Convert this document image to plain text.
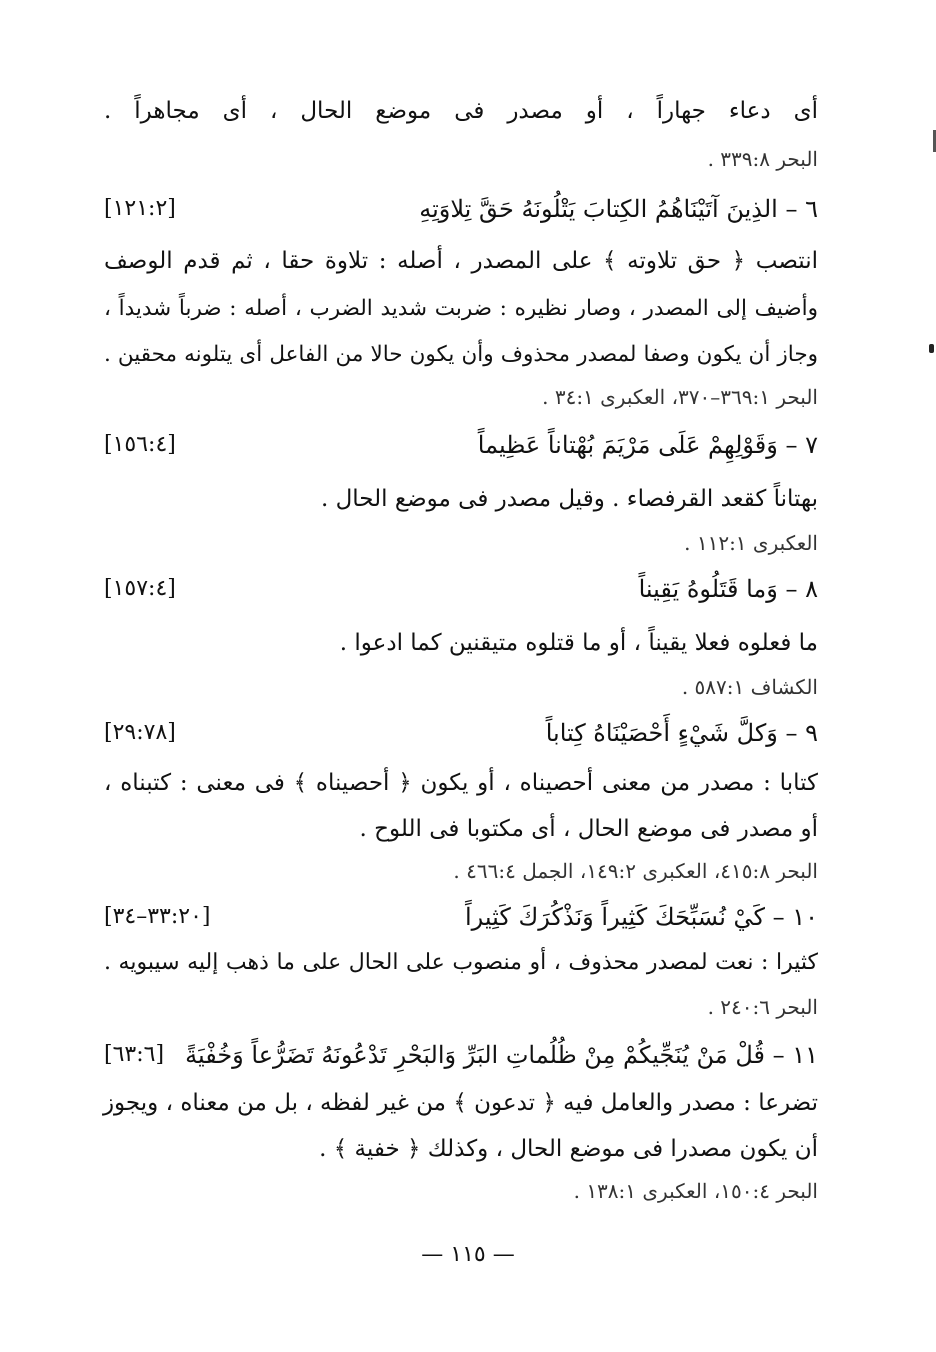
أى دعاء جهاراً ، أو مصدر فى موضع الحال ، أى مجاهراً .
البحر ٣٣٩:٨ .
٦ – الذِينَ آتَيْنَاهُمُ الكِتابَ يَتْلُونَهُ حَقَّ تِلاوَتِهِ
[١٢١:٢]
انتصب ﴿ حق تلاوته ﴾ على المصدر ، أصله : تلاوة حقا ، ثم قدم الوصف
وأضيف إلى المصدر ، وصار نظيره : ضربت شديد الضرب ، أصله : ضرباً شديداً ،
وجاز أن يكون وصفا لمصدر محذوف وأن يكون حالا من الفاعل أى يتلونه محقين .
البحر ٣٦٩:١–٣٧٠، العكبرى ٣٤:١ .
٧ – وَقَوْلِهِمْ عَلَى مَرْيَمَ بُهْتاناً عَظِيماً
[١٥٦:٤]
بهتاناً كقعد القرفصاء . وقيل مصدر فى موضع الحال .
العكبرى ١١٢:١ .
٨ – وَما قَتَلُوهُ يَقِيناً
[١٥٧:٤]
ما فعلوه فعلا يقيناً ، أو ما قتلوه متيقنين كما ادعوا .
الكشاف ٥٨٧:١ .
٩ – وَكلَّ شَيْءٍ أَحْصَيْنَاهُ كِتاباً
[٢٩:٧٨]
كتابا : مصدر من معنى أحصيناه ، أو يكون ﴿ أحصيناه ﴾ فى معنى : كتبناه ،
أو مصدر فى موضع الحال ، أى مكتوبا فى اللوح .
البحر ٤١٥:٨، العكبرى ١٤٩:٢، الجمل ٤٦٦:٤ .
١٠ – كَيْ نُسَبِّحَكَ كَثِيراً وَنَذْكُرَكَ كَثِيراً
[٣٣:٢٠–٣٤]
كثيرا : نعت لمصدر محذوف ، أو منصوب على الحال على ما ذهب إليه سيبويه .
البحر ٢٤٠:٦ .
١١ – قُلْ مَنْ يُنَجِّيكُمْ مِنْ ظُلُماتِ البَرِّ وَالبَحْرِ تَدْعُونَهُ تَضَرُّعاً وَخُفْيَةً
[٦٣:٦]
تضرعا : مصدر والعامل فيه ﴿ تدعون ﴾ من غير لفظه ، بل من معناه ، ويجوز
أن يكون مصدرا فى موضع الحال ، وكذلك ﴿ خفية ﴾ .
البحر ١٥٠:٤، العكبرى ١٣٨:١ .
— ١١٥ —
